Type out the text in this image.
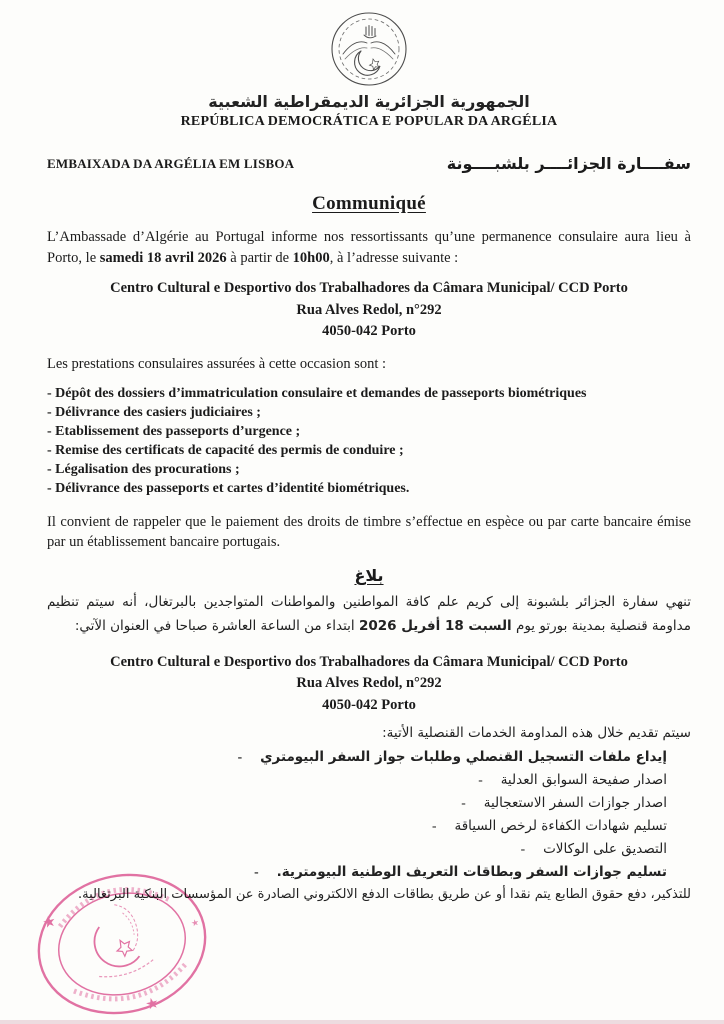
الجمهورية الجزائرية الديمقراطية الشعبية
REPÚBLICA DEMOCRÁTICA E POPULAR DA ARGÉLIA
EMBAIXADA DA ARGÉLIA EM LISBOA	سفــــارة الجزائــــر بلشبــــونة
Communiqué

L’Ambassade d’Algérie au Portugal informe nos ressortissants qu’une permanence consulaire aura lieu à Porto, le samedi 18 avril 2026 à partir de 10h00, à l’adresse suivante :

Centro Cultural e Desportivo dos Trabalhadores da Câmara Municipal/ CCD Porto
Rua Alves Redol, n°292
4050-042 Porto
Les prestations consulaires assurées à cette occasion sont :
- Dépôt des dossiers d’immatriculation consulaire et demandes de passeports biométriques
- Délivrance des casiers judiciaires ;
- Etablissement des passeports d’urgence ;
- Remise des certificats de capacité des permis de conduire ;
- Légalisation des procurations ;
- Délivrance des passeports et cartes d’identité biométriques.

Il convient de rappeler que le paiement des droits de timbre s’effectue en espèce ou par carte bancaire émise par un établissement bancaire portugais.

بلاغ

تنهي سفارة الجزائر بلشبونة إلى كريم علم كافة المواطنين والمواطنات المتواجدين بالبرتغال، أنه سيتم تنظيم مداومة قنصلية بمدينة بورتو يوم السبت 18 أفريل 2026 ابتداء من الساعة العاشرة صباحا في العنوان الآتي:

Centro Cultural e Desportivo dos Trabalhadores da Câmara Municipal/ CCD Porto
Rua Alves Redol, n°292
4050-042 Porto
سيتم تقديم خلال هذه المداومة الخدمات القنصلية الأتية:
- إيداع ملفات التسجيل القنصلي وطلبات جواز السفر البيومتري
- اصدار صفيحة السوابق العدلية
- اصدار جوازات السفر الاستعجالية
- تسليم شهادات الكفاءة لرخص السياقة
- التصديق على الوكالات
- تسليم جوازات السفر وبطاقات التعريف الوطنية البيومترية.
للتذكير، دفع حقوق الطابع يتم نقدا أو عن طريق بطاقات الدفع الالكتروني الصادرة عن المؤسسات البنكية البرتغالية.
★
★
★
